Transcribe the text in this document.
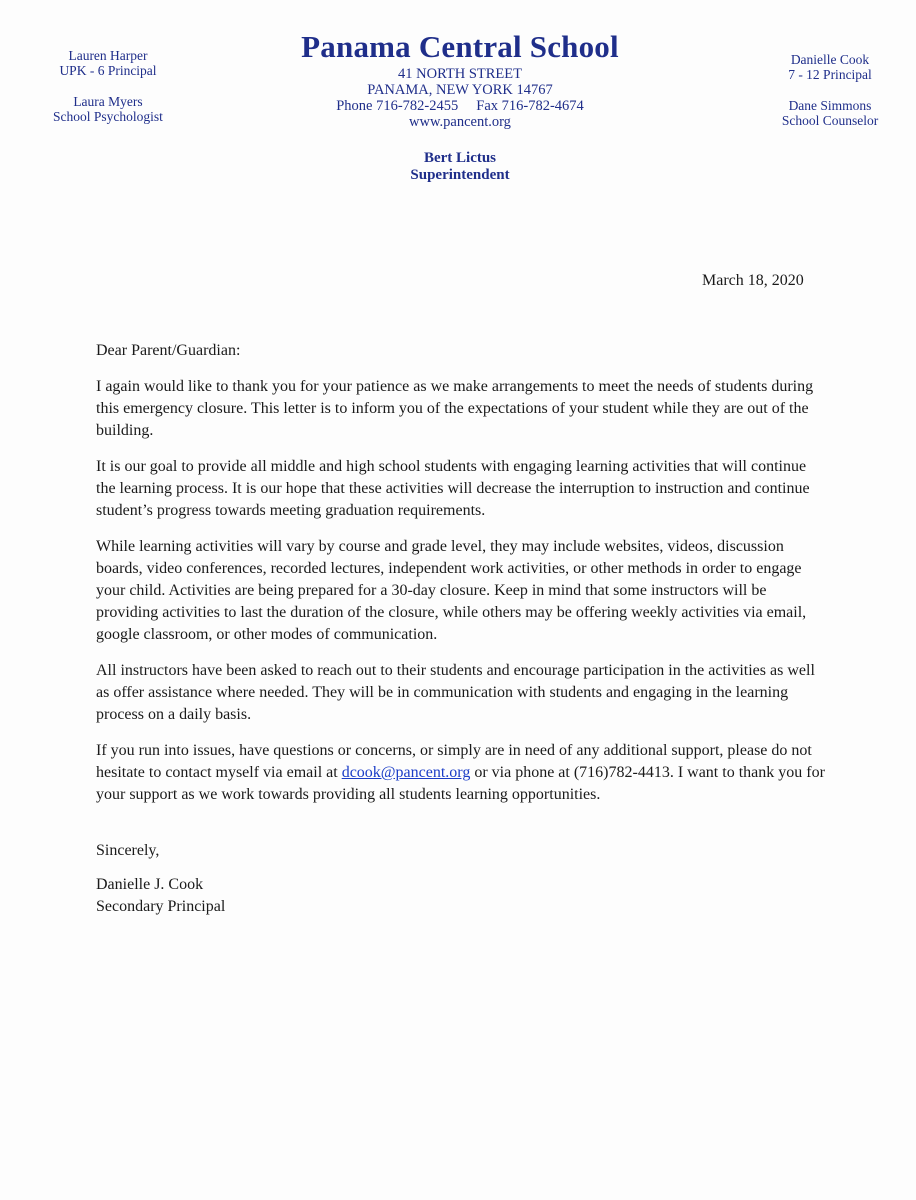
Lauren Harper
UPK - 6 Principal
Laura Myers
School Psychologist
Panama Central School
41 NORTH STREET
PANAMA, NEW YORK 14767
Phone 716-782-2455 Fax 716-782-4674
www.pancent.org
Bert Lictus
Superintendent
Danielle Cook
7 - 12 Principal
Dane Simmons
School Counselor
March 18, 2020

Dear Parent/Guardian:

I again would like to thank you for your patience as we make arrangements to meet the needs of students during this emergency closure. This letter is to inform you of the expectations of your student while they are out of the building.

It is our goal to provide all middle and high school students with engaging learning activities that will continue the learning process. It is our hope that these activities will decrease the interruption to instruction and continue student’s progress towards meeting graduation requirements.

While learning activities will vary by course and grade level, they may include websites, videos, discussion boards, video conferences, recorded lectures, independent work activities, or other methods in order to engage your child. Activities are being prepared for a 30-day closure. Keep in mind that some instructors will be providing activities to last the duration of the closure, while others may be offering weekly activities via email, google classroom, or other modes of communication.

All instructors have been asked to reach out to their students and encourage participation in the activities as well as offer assistance where needed. They will be in communication with students and engaging in the learning process on a daily basis.

If you run into issues, have questions or concerns, or simply are in need of any additional support, please do not hesitate to contact myself via email at dcook@pancent.org or via phone at (716)782-4413. I want to thank you for your support as we work towards providing all students learning opportunities.

Sincerely,
Danielle J. Cook
Secondary Principal
